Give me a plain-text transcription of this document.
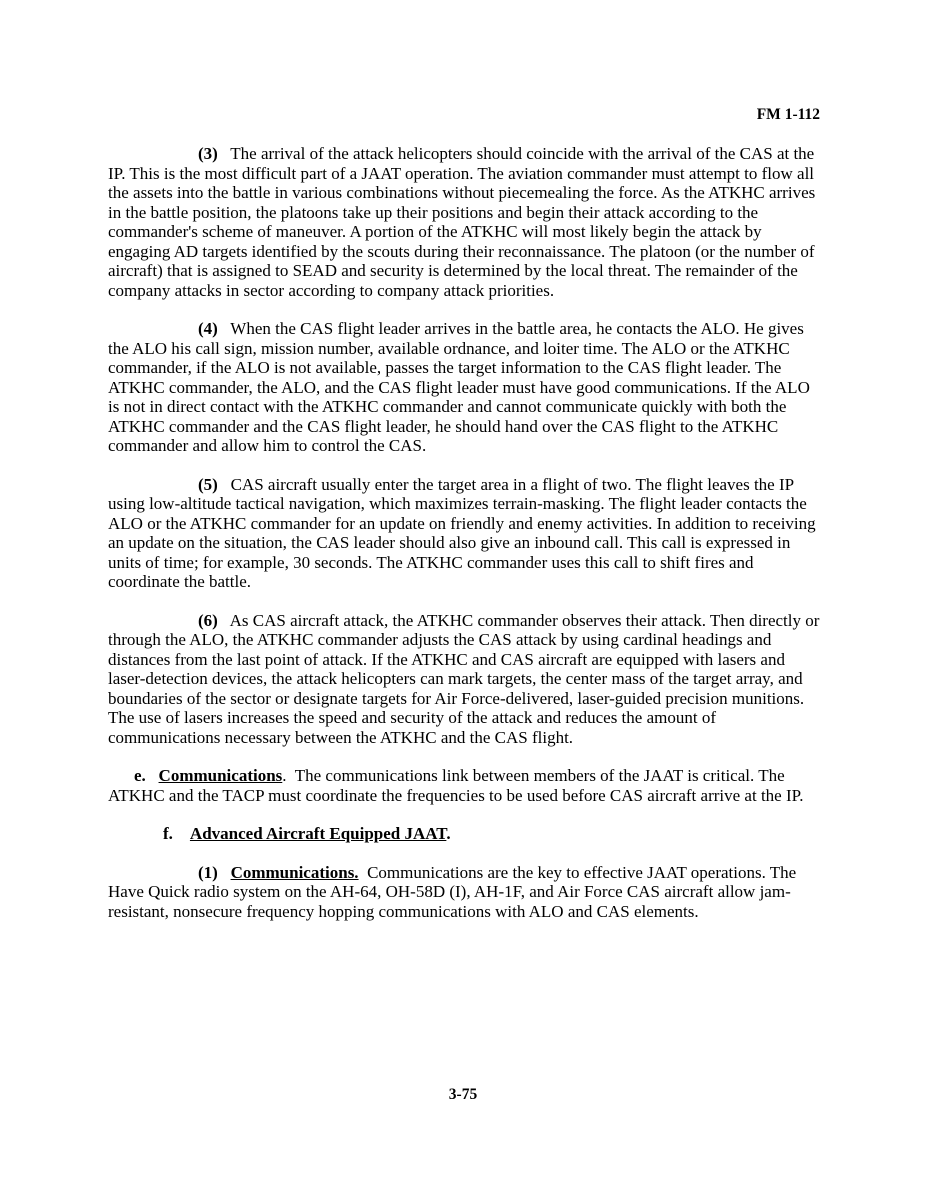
FM 1-112

(3) The arrival of the attack helicopters should coincide with the arrival of the CAS at the IP. This is the most difficult part of a JAAT operation. The aviation commander must attempt to flow all the assets into the battle in various combinations without piecemealing the force. As the ATKHC arrives in the battle position, the platoons take up their positions and begin their attack according to the commander's scheme of maneuver. A portion of the ATKHC will most likely begin the attack by engaging AD targets identified by the scouts during their reconnaissance. The platoon (or the number of aircraft) that is assigned to SEAD and security is determined by the local threat. The remainder of the company attacks in sector according to company attack priorities.

(4) When the CAS flight leader arrives in the battle area, he contacts the ALO. He gives the ALO his call sign, mission number, available ordnance, and loiter time. The ALO or the ATKHC commander, if the ALO is not available, passes the target information to the CAS flight leader. The ATKHC commander, the ALO, and the CAS flight leader must have good communications. If the ALO is not in direct contact with the ATKHC commander and cannot communicate quickly with both the ATKHC commander and the CAS flight leader, he should hand over the CAS flight to the ATKHC commander and allow him to control the CAS.

(5) CAS aircraft usually enter the target area in a flight of two. The flight leaves the IP using low-altitude tactical navigation, which maximizes terrain-masking. The flight leader contacts the ALO or the ATKHC commander for an update on friendly and enemy activities. In addition to receiving an update on the situation, the CAS leader should also give an inbound call. This call is expressed in units of time; for example, 30 seconds. The ATKHC commander uses this call to shift fires and coordinate the battle.

(6) As CAS aircraft attack, the ATKHC commander observes their attack. Then directly or through the ALO, the ATKHC commander adjusts the CAS attack by using cardinal headings and distances from the last point of attack. If the ATKHC and CAS aircraft are equipped with lasers and laser-detection devices, the attack helicopters can mark targets, the center mass of the target array, and boundaries of the sector or designate targets for Air Force-delivered, laser-guided precision munitions. The use of lasers increases the speed and security of the attack and reduces the amount of communications necessary between the ATKHC and the CAS flight.

e. Communications. The communications link between members of the JAAT is critical. The ATKHC and the TACP must coordinate the frequencies to be used before CAS aircraft arrive at the IP.

f. Advanced Aircraft Equipped JAAT.

(1) Communications. Communications are the key to effective JAAT operations. The Have Quick radio system on the AH-64, OH-58D (I), AH-1F, and Air Force CAS aircraft allow jam-resistant, nonsecure frequency hopping communications with ALO and CAS elements.

3-75
